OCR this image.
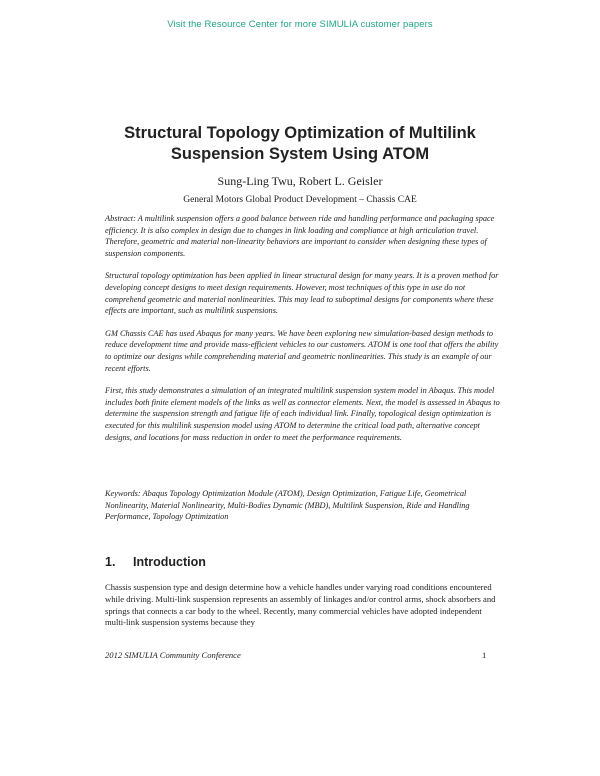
Visit the Resource Center for more SIMULIA customer papers
Structural Topology Optimization of Multilink
Suspension System Using ATOM
Sung-Ling Twu, Robert L. Geisler
General Motors Global Product Development – Chassis CAE

Abstract: A multilink suspension offers a good balance between ride and handling performance and packaging space efficiency. It is also complex in design due to changes in link loading and compliance at high articulation travel. Therefore, geometric and material non-linearity behaviors are important to consider when designing these types of suspension components.

Structural topology optimization has been applied in linear structural design for many years. It is a proven method for developing concept designs to meet design requirements. However, most techniques of this type in use do not comprehend geometric and material nonlinearities. This may lead to suboptimal designs for components where these effects are important, such as multilink suspensions.

GM Chassis CAE has used Abaqus for many years. We have been exploring new simulation-based design methods to reduce development time and provide mass-efficient vehicles to our customers. ATOM is one tool that offers the ability to optimize our designs while comprehending material and geometric nonlinearities. This study is an example of our recent efforts.

First, this study demonstrates a simulation of an integrated multilink suspension system model in Abaqus. This model includes both finite element models of the links as well as connector elements. Next, the model is assessed in Abaqus to determine the suspension strength and fatigue life of each individual link. Finally, topological design optimization is executed for this multilink suspension model using ATOM to determine the critical load path, alternative concept designs, and locations for mass reduction in order to meet the performance requirements.

Keywords: Abaqus Topology Optimization Module (ATOM), Design Optimization, Fatigue Life, Geometrical Nonlinearity, Material Nonlinearity, Multi-Bodies Dynamic (MBD), Multilink Suspension, Ride and Handling Performance, Topology Optimization

1. Introduction

Chassis suspension type and design determine how a vehicle handles under varying road conditions encountered while driving. Multi-link suspension represents an assembly of linkages and/or control arms, shock absorbers and springs that connects a car body to the wheel. Recently, many commercial vehicles have adopted independent multi-link suspension systems because they

2012 SIMULIA Community Conference	1
